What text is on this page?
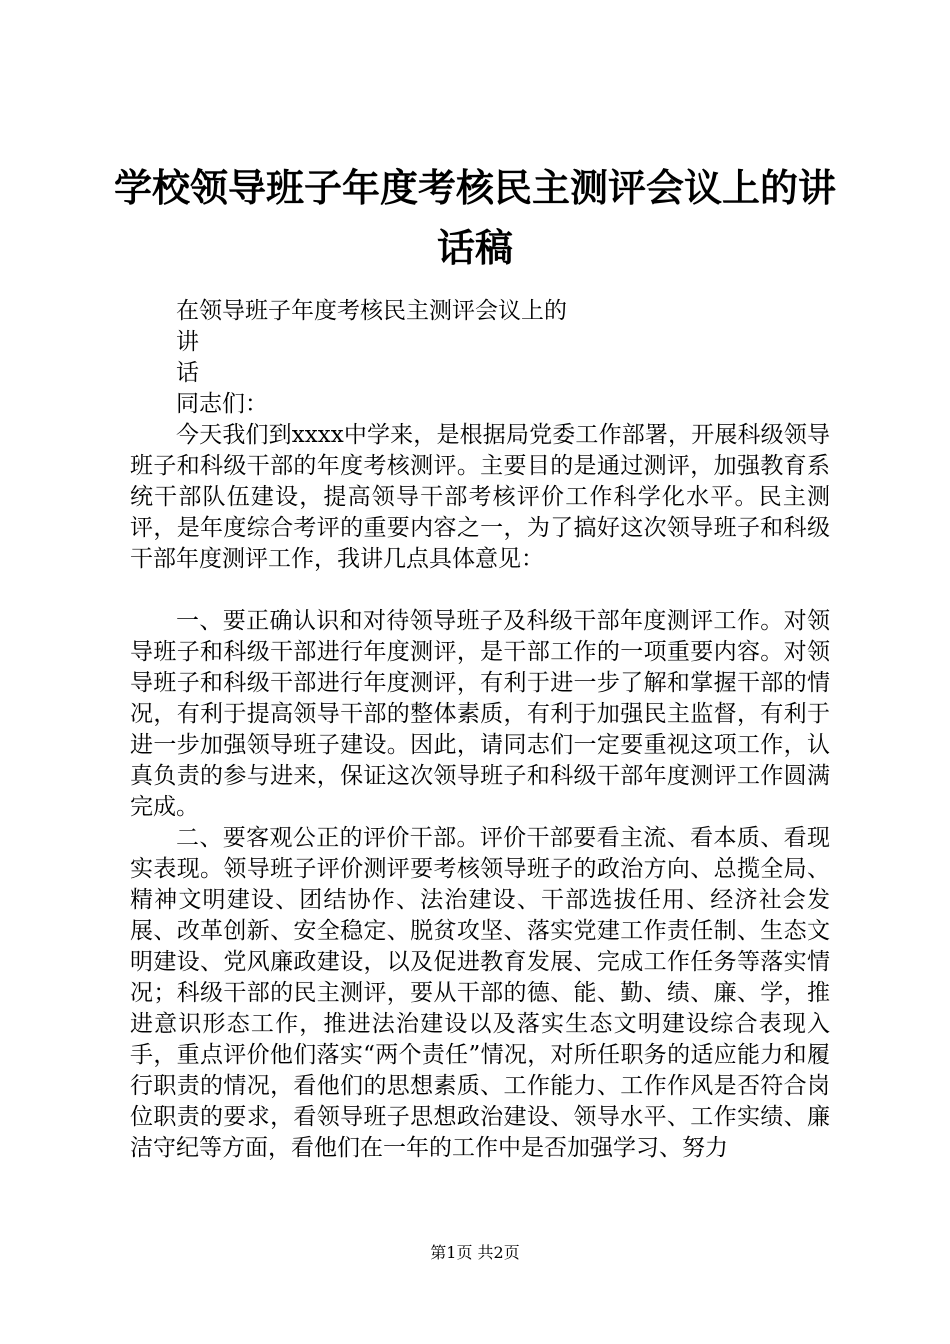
学校领导班子年度考核民主测评会议上的讲话稿

在领导班子年度考核民主测评会议上的

讲

话

同志们：

今天我们到xxxx中学来，是根据局党委工作部署，开展科级领导班子和科级干部的年度考核测评。主要目的是通过测评，加强教育系统干部队伍建设，提高领导干部考核评价工作科学化水平。民主测评，是年度综合考评的重要内容之一，为了搞好这次领导班子和科级干部年度测评工作，我讲几点具体意见：

一、要正确认识和对待领导班子及科级干部年度测评工作。对领导班子和科级干部进行年度测评，是干部工作的一项重要内容。对领导班子和科级干部进行年度测评，有利于进一步了解和掌握干部的情况，有利于提高领导干部的整体素质，有利于加强民主监督，有利于进一步加强领导班子建设。因此，请同志们一定要重视这项工作，认真负责的参与进来，保证这次领导班子和科级干部年度测评工作圆满完成。

二、要客观公正的评价干部。评价干部要看主流、看本质、看现实表现。领导班子评价测评要考核领导班子的政治方向、总揽全局、精神文明建设、团结协作、法治建设、干部选拔任用、经济社会发展、改革创新、安全稳定、脱贫攻坚、落实党建工作责任制、生态文明建设、党风廉政建设，以及促进教育发展、完成工作任务等落实情况；科级干部的民主测评，要从干部的德、能、勤、绩、廉、学，推进意识形态工作，推进法治建设以及落实生态文明建设综合表现入手，重点评价他们落实“两个责任”情况，对所任职务的适应能力和履行职责的情况，看他们的思想素质、工作能力、工作作风是否符合岗位职责的要求，看领导班子思想政治建设、领导水平、工作实绩、廉洁守纪等方面，看他们在一年的工作中是否加强学习、努力

第1页 共2页
